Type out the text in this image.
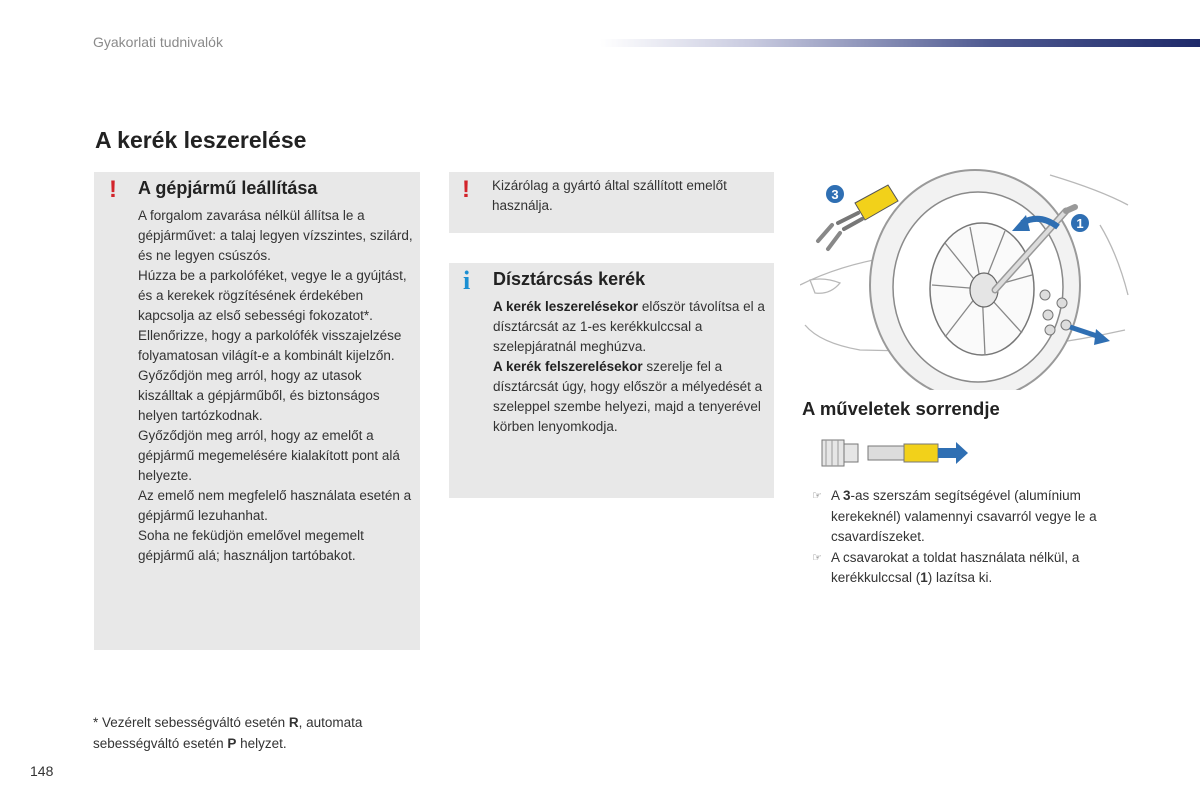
Gyakorlati tudnivalók
A kerék leszerelése
! A gépjármű leállítása

A forgalom zavarása nélkül állítsa le a gépjárművet: a talaj legyen vízszintes, szilárd, és ne legyen csúszós.

Húzza be a parkolóféket, vegye le a gyújtást, és a kerekek rögzítésének érdekében kapcsolja az első sebességi fokozatot*.

Ellenőrizze, hogy a parkolófék visszajelzése folyamatosan világít-e a kombinált kijelzőn.

Győződjön meg arról, hogy az utasok kiszálltak a gépjárműből, és biztonságos helyen tartózkodnak.

Győződjön meg arról, hogy az emelőt a gépjármű megemelésére kialakított pont alá helyezte.

Az emelő nem megfelelő használata esetén a gépjármű lezuhanhat.

Soha ne feküdjön emelővel megemelt gépjármű alá; használjon tartóbakot.

! Kizárólag a gyártó által szállított emelőt használja.
i Dísztárcsás kerék

A kerék leszerelésekor először távolítsa el a dísztárcsát az 1-es kerékkulccsal a szelepjáratnál meghúzva.

A kerék felszerelésekor szerelje fel a dísztárcsát úgy, hogy először a mélyedését a szeleppel szembe helyezi, majd a tenyerével körben lenyomkodja.

1
3
A műveletek sorrendje
☞ A 3-as szerszám segítségével (alumínium kerekeknél) valamennyi csavarról vegye le a csavardíszeket.
☞ A csavarokat a toldat használata nélkül, a kerékkulccsal (1) lazítsa ki.
* Vezérelt sebességváltó esetén R, automata sebességváltó esetén P helyzet.
148
